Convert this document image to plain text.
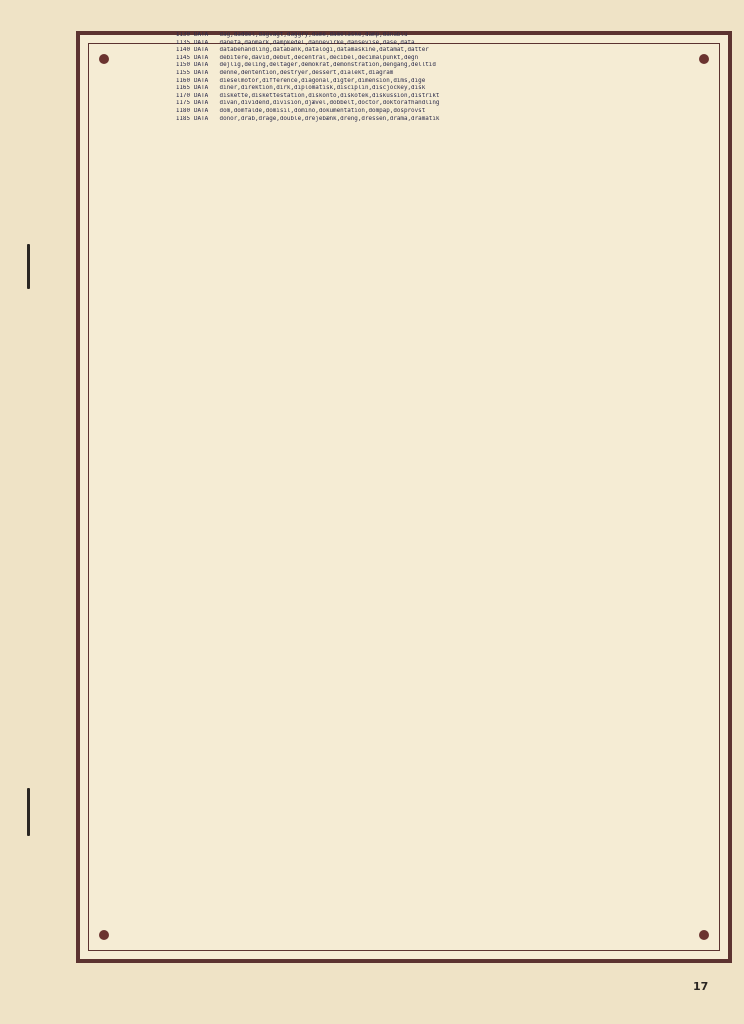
1130 DATA dag,daddel,dagvagt,daggry,dame,damelaske,damp,danablu
1135 DATA danefa,danmark,dampkedel,dannevirke,dansevise,dase,data
1140 DATA databehandling,databank,datalogi,datamaskine,datamat,datter
1145 DATA debitere,david,debut,decentral,decibel,decimalpunkt,degn
1150 DATA dejlig,deling,deltager,demokrat,demonstration,dengang,delltid
1155 DATA denne,dentention,destryer,dessert,dialekt,diagram
1160 DATA dieselmotor,difference,diagonal,digter,dimension,dims,dige
1165 DATA diner,direktion,dirk,diplomatisk,disciplin,discjockey,disk
1170 DATA diskette,diskettestation,diskonto,diskotek,diskussion,distrikt
1175 DATA divan,dividend,division,djævel,dobbelt,doctor,doktorafhandling
1180 DATA dom,domfalde,domisil,domino,dokumentation,dompap,dosprovst
1185 DATA donor,drab,drage,double,drejebænk,dreng,dressen,drama,dramatik
17
